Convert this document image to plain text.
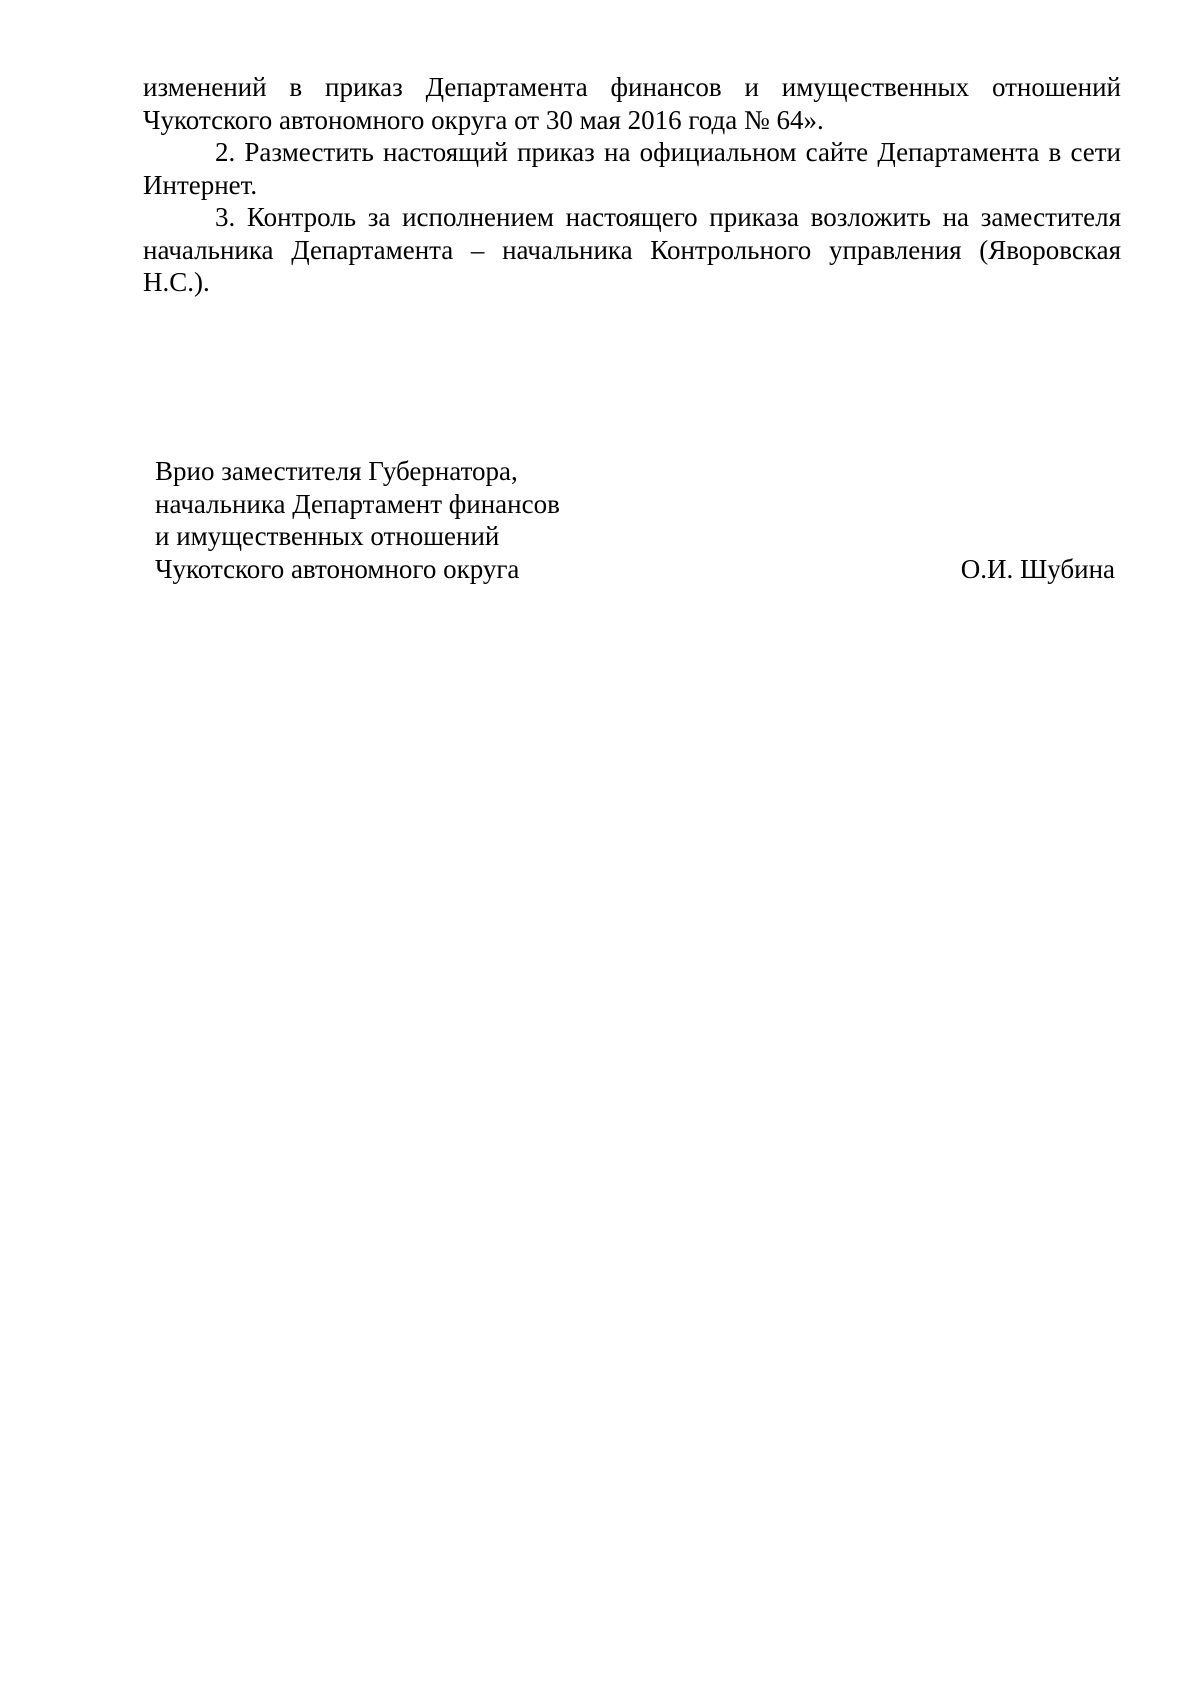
изменений в приказ Департамента финансов и имущественных отношений Чукотского автономного округа от 30 мая 2016 года № 64».

2. Разместить настоящий приказ на официальном сайте Департамента в сети Интернет.

3. Контроль за исполнением настоящего приказа возложить на заместителя начальника Департамента – начальника Контрольного управления (Яворовская Н.С.).

Врио заместителя Губернатора,
начальника Департамент финансов
и имущественных отношений
Чукотского автономного округа	О.И. Шубина
